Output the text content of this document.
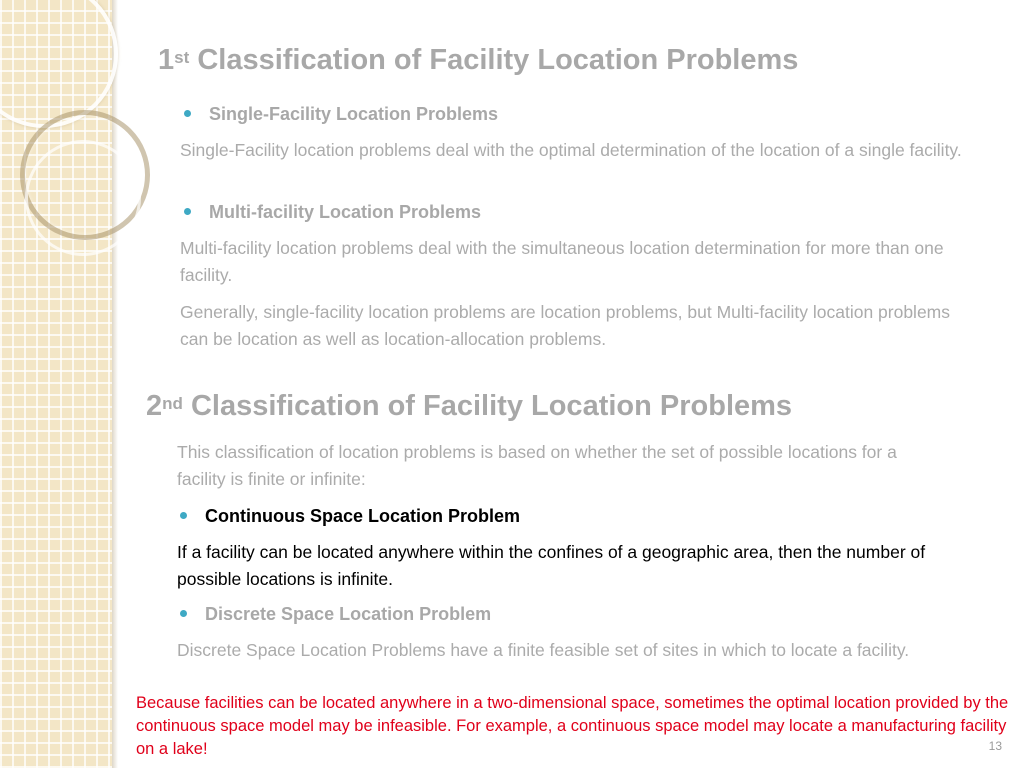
1st Classification of Facility Location Problems
Single-Facility Location Problems

Single-Facility location problems deal with the optimal determination of the location of a single facility.

Multi-facility Location Problems

Multi-facility location problems deal with the simultaneous location determination for more than one facility.

Generally, single-facility location problems are location problems, but Multi-facility location problems can be location as well as location-allocation problems.

2nd Classification of Facility Location Problems

This classification of location problems is based on whether the set of possible locations for a facility is finite or infinite:

Continuous Space Location Problem

If a facility can be located anywhere within the confines of a geographic area, then the number of possible locations is infinite.

Discrete Space Location Problem

Discrete Space Location Problems have a finite feasible set of sites in which to locate a facility.

Because facilities can be located anywhere in a two-dimensional space, sometimes the optimal location provided by the continuous space model may be infeasible. For example, a continuous space model may locate a manufacturing facility on a lake!	13
